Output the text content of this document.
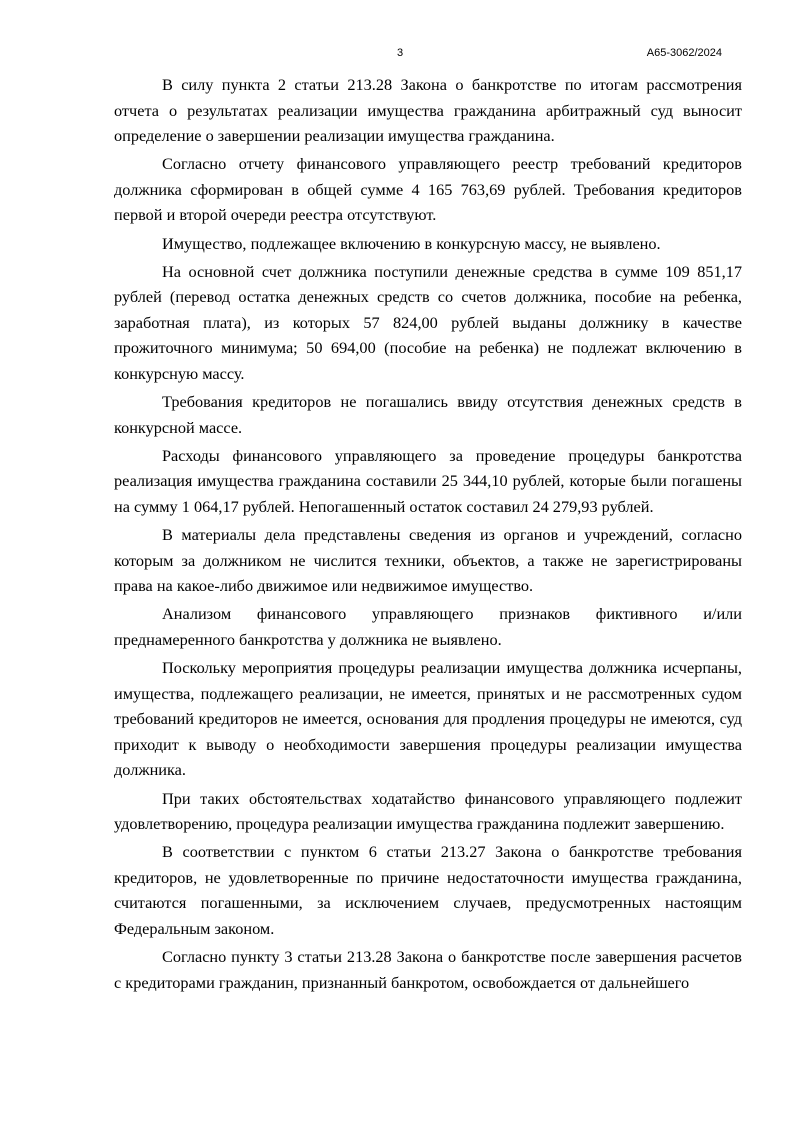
3	А65-3062/2024

В силу пункта 2 статьи 213.28 Закона о банкротстве по итогам рассмотрения отчета о результатах реализации имущества гражданина арбитражный суд выносит определение о завершении реализации имущества гражданина.

Согласно отчету финансового управляющего реестр требований кредиторов должника сформирован в общей сумме 4 165 763,69 рублей. Требования кредиторов первой и второй очереди реестра отсутствуют.

Имущество, подлежащее включению в конкурсную массу, не выявлено.

На основной счет должника поступили денежные средства в сумме 109 851,17 рублей (перевод остатка денежных средств со счетов должника, пособие на ребенка, заработная плата), из которых 57 824,00 рублей выданы должнику в качестве прожиточного минимума; 50 694,00 (пособие на ребенка) не подлежат включению в конкурсную массу.

Требования кредиторов не погашались ввиду отсутствия денежных средств в конкурсной массе.

Расходы финансового управляющего за проведение процедуры банкротства реализация имущества гражданина составили 25 344,10 рублей, которые были погашены на сумму 1 064,17 рублей. Непогашенный остаток составил 24 279,93 рублей.

В материалы дела представлены сведения из органов и учреждений, согласно которым за должником не числится техники, объектов, а также не зарегистрированы права на какое-либо движимое или недвижимое имущество.

Анализом финансового управляющего признаков фиктивного и/или преднамеренного банкротства у должника не выявлено.

Поскольку мероприятия процедуры реализации имущества должника исчерпаны, имущества, подлежащего реализации, не имеется, принятых и не рассмотренных судом требований кредиторов не имеется, основания для продления процедуры не имеются, суд приходит к выводу о необходимости завершения процедуры реализации имущества должника.

При таких обстоятельствах ходатайство финансового управляющего подлежит удовлетворению, процедура реализации имущества гражданина подлежит завершению.

В соответствии с пунктом 6 статьи 213.27 Закона о банкротстве требования кредиторов, не удовлетворенные по причине недостаточности имущества гражданина, считаются погашенными, за исключением случаев, предусмотренных настоящим Федеральным законом.

Согласно пункту 3 статьи 213.28 Закона о банкротстве после завершения расчетов с кредиторами гражданин, признанный банкротом, освобождается от дальнейшего
